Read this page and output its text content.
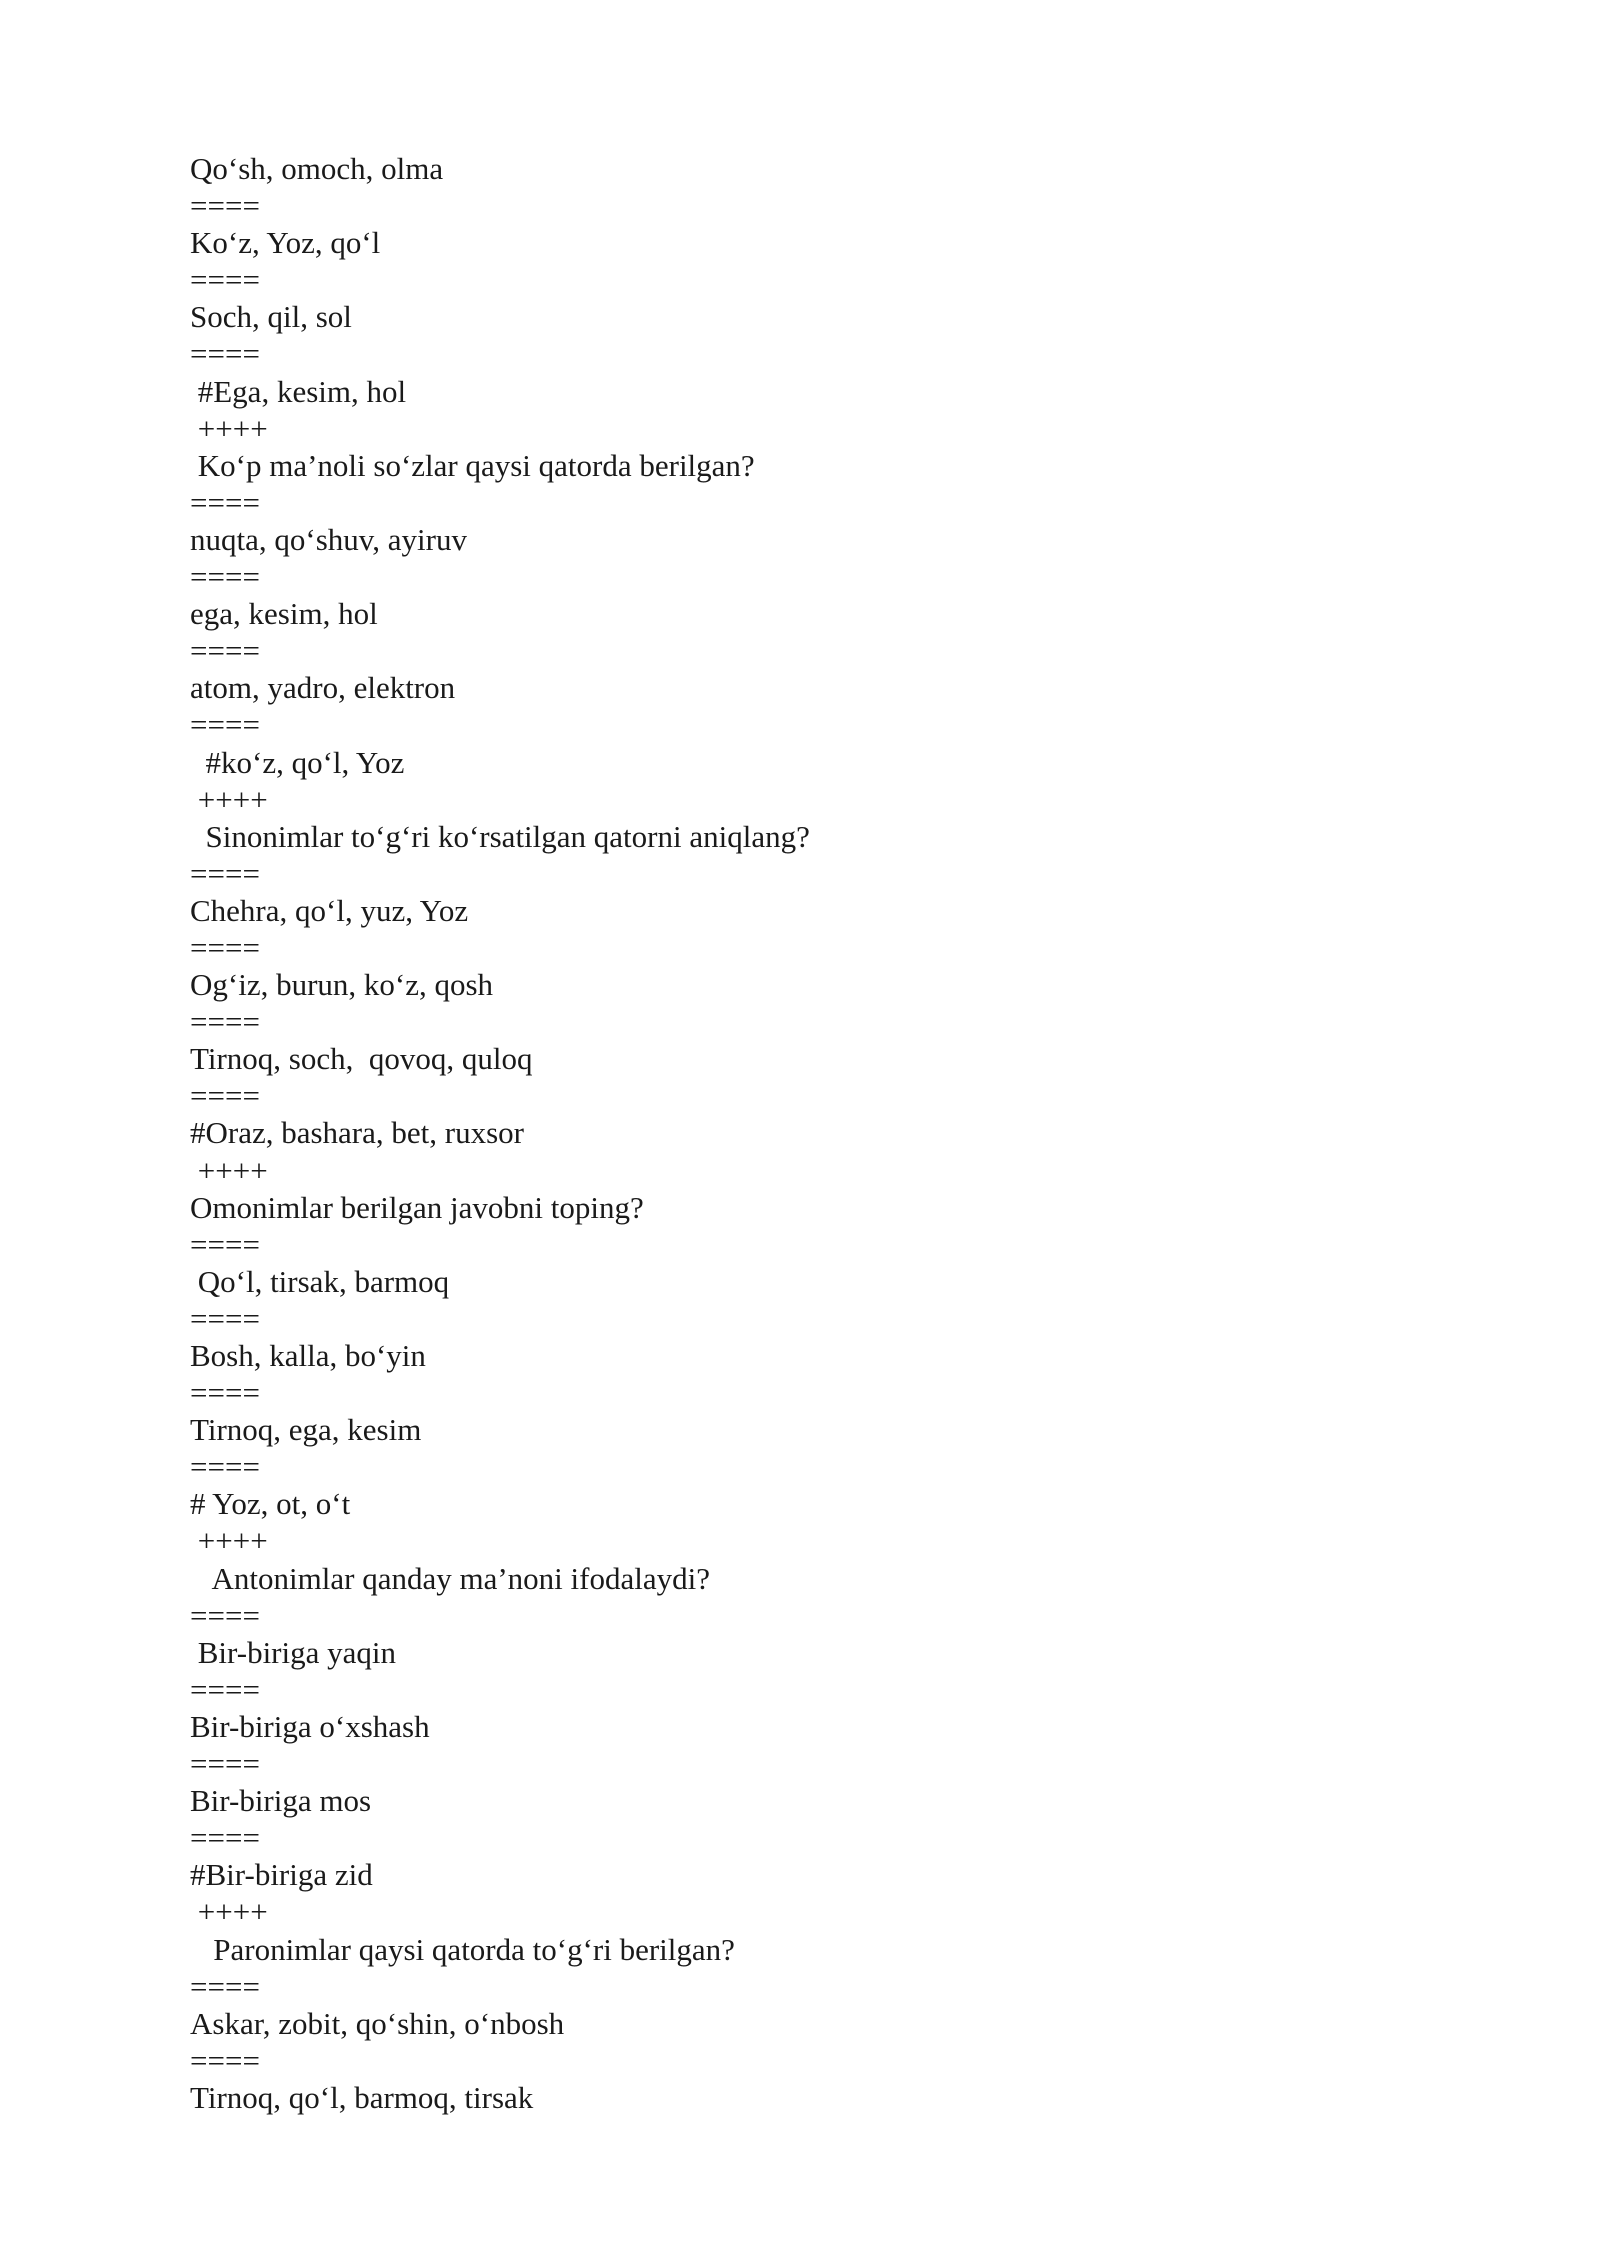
Qo‘sh, omoch, olma
====
Ko‘z, Yoz, qo‘l
====
Soch, qil, sol
====
#Ega, kesim, hol
++++
Ko‘p ma’noli so‘zlar qaysi qatorda berilgan?
====
nuqta, qo‘shuv, ayiruv
====
ega, kesim, hol
====
atom, yadro, elektron
====
#ko‘z, qo‘l, Yoz
++++
Sinonimlar to‘g‘ri ko‘rsatilgan qatorni aniqlang?
====
Chehra, qo‘l, yuz, Yoz
====
Og‘iz, burun, ko‘z, qosh
====
Tirnoq, soch,  qovoq, quloq
====
#Oraz, bashara, bet, ruxsor
++++
Omonimlar berilgan javobni toping?
====
Qo‘l, tirsak, barmoq
====
Bosh, kalla, bo‘yin
====
Tirnoq, ega, kesim
====
# Yoz, ot, o‘t
++++
Antonimlar qanday ma’noni ifodalaydi?
====
Bir-biriga yaqin
====
Bir-biriga o‘xshash
====
Bir-biriga mos
====
#Bir-biriga zid
++++
Paronimlar qaysi qatorda to‘g‘ri berilgan?
====
Askar, zobit, qo‘shin, o‘nbosh
====
Tirnoq, qo‘l, barmoq, tirsak
